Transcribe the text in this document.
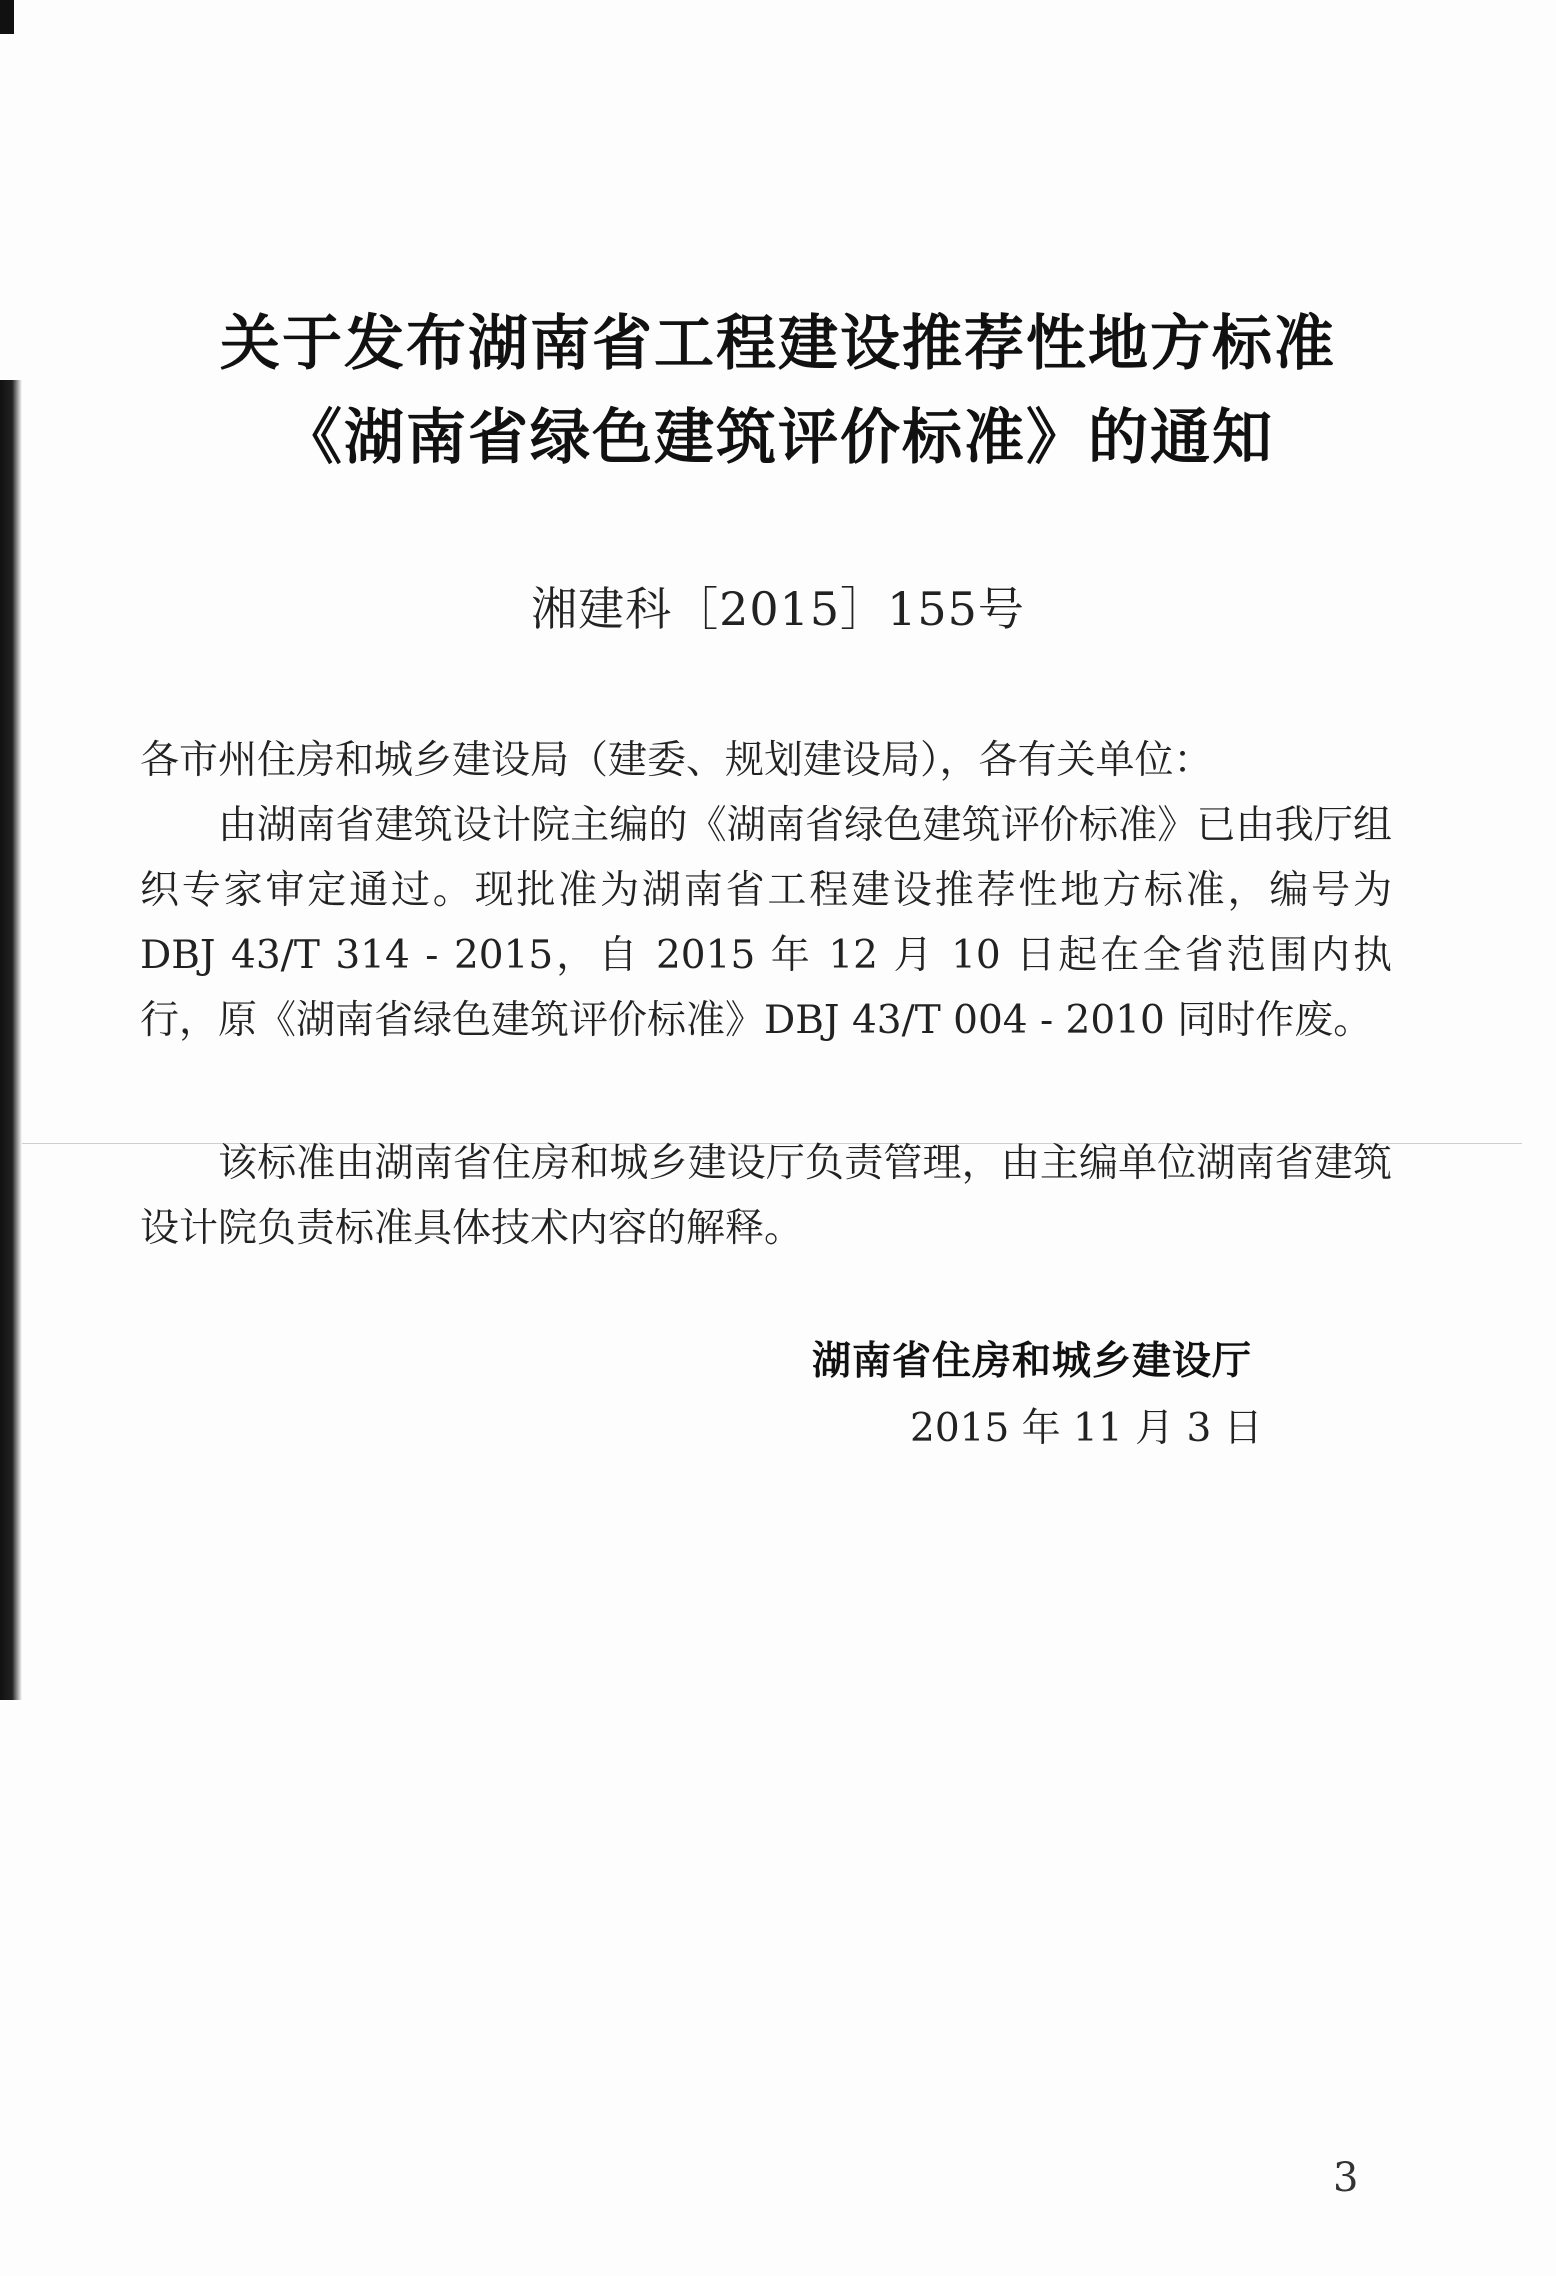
关于发布湖南省工程建设推荐性地方标准
《湖南省绿色建筑评价标准》的通知
湘建科［2015］155号
各市州住房和城乡建设局（建委、规划建设局），各有关单位：
由湖南省建筑设计院主编的《湖南省绿色建筑评价标准》已由我厅组织专家审定通过。现批准为湖南省工程建设推荐性地方标准，编号为 DBJ 43/T 314 - 2015，自 2015 年 12 月 10 日起在全省范围内执行，原《湖南省绿色建筑评价标准》DBJ 43/T 004 - 2010 同时作废。
该标准由湖南省住房和城乡建设厅负责管理，由主编单位湖南省建筑设计院负责标准具体技术内容的解释。
湖南省住房和城乡建设厅
2015 年 11 月 3 日
3
